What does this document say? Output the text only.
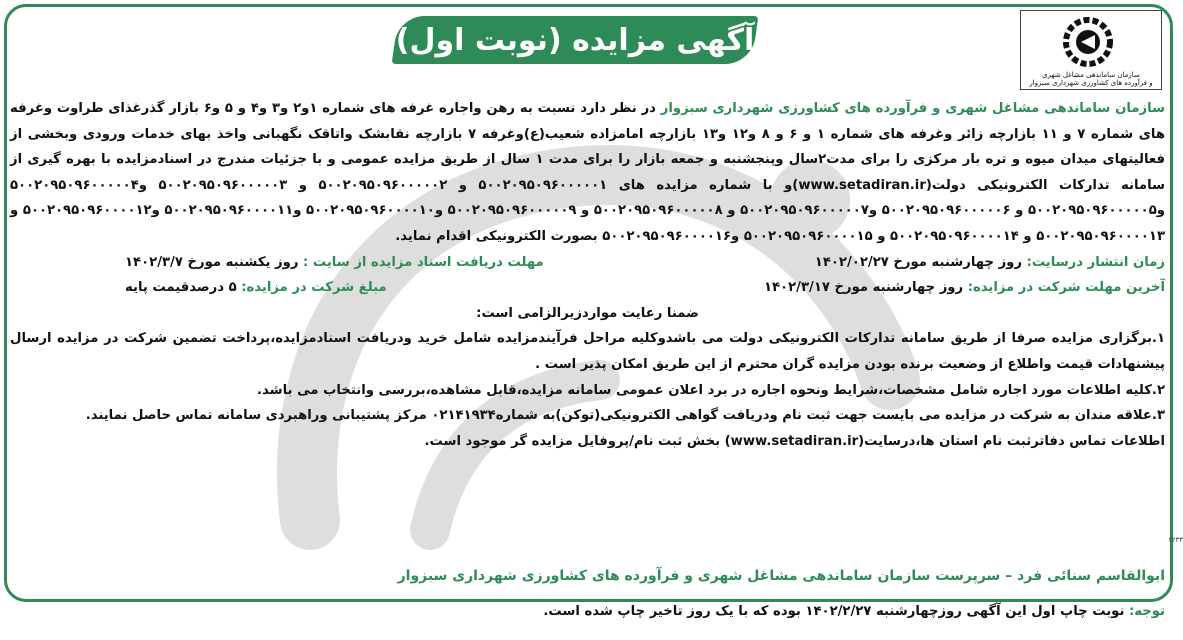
آگهی مزایده (نوبت اول)
سازمان ساماندهی مشاغل شهری
و فرآورده های کشاورزی شهرداری سبزوار

سازمان ساماندهی مشاغل شهری و فرآورده های کشاورزی شهرداری سبزوار در نظر دارد نسبت به رهن واجاره غرفه های شماره ۱و۲ و۳ و۴ و ۵ و۶ بازار گذرغذای طراوت وغرفه های شماره ۷ و ۱۱ بازارچه زائر وغرفه های شماره ۱ و ۶ و ۸ و۱۲ و۱۳ بازارچه امامزاده شعیب(ع)وغرفه ۷ بازارچه نقابشک واتاقک نگهبانی واخذ بهای خدمات ورودی وبخشی از فعالیتهای میدان میوه و تره بار مرکزی را برای مدت۲سال وپنجشنبه و جمعه بازار را برای مدت ۱ سال از طریق مزایده عمومی و با جزئیات مندرج در اسنادمزایده با بهره گیری از سامانه تدارکات الکترونیکی دولت(www.setadiran.ir)و با شماره مزایده های ۵۰۰۲۰۹۵۰۹۶۰۰۰۰۰۱ و ۵۰۰۲۰۹۵۰۹۶۰۰۰۰۰۲ و ۵۰۰۲۰۹۵۰۹۶۰۰۰۰۰۳ و۵۰۰۲۰۹۵۰۹۶۰۰۰۰۰۴ و۵۰۰۲۰۹۵۰۹۶۰۰۰۰۰۵ و ۵۰۰۲۰۹۵۰۹۶۰۰۰۰۰۶ و۵۰۰۲۰۹۵۰۹۶۰۰۰۰۰۷ و ۵۰۰۲۰۹۵۰۹۶۰۰۰۰۰۸ و ۵۰۰۲۰۹۵۰۹۶۰۰۰۰۰۹ و۵۰۰۲۰۹۵۰۹۶۰۰۰۰۱۰ و۵۰۰۲۰۹۵۰۹۶۰۰۰۰۱۱ و۵۰۰۲۰۹۵۰۹۶۰۰۰۰۱۲ و ۵۰۰۲۰۹۵۰۹۶۰۰۰۰۱۳ و ۵۰۰۲۰۹۵۰۹۶۰۰۰۰۱۴ و ۵۰۰۲۰۹۵۰۹۶۰۰۰۰۱۵ و۵۰۰۲۰۹۵۰۹۶۰۰۰۰۱۶ بصورت الکترونیکی اقدام نماید.

زمان انتشار درسایت: روز چهارشنبه مورخ ۱۴۰۲/۰۲/۲۷
مهلت دریافت اسناد مزایده از سایت : روز یکشنبه مورخ ۱۴۰۲/۳/۷
آخرین مهلت شرکت در مزایده: روز چهارشنبه مورخ ۱۴۰۲/۳/۱۷
مبلغ شرکت در مزایده: ۵ درصدقیمت پایه

ضمنا رعایت مواردزیرالزامی است:

۱.برگزاری مزایده صرفا از طریق سامانه تدارکات الکترونیکی دولت می باشدوکلیه مراحل فرآیندمزایده شامل خرید ودریافت اسنادمزایده،پرداخت تضمین شرکت در مزایده ارسال پیشنهادات قیمت واطلاع از وضعیت برنده بودن مزایده گران محترم از این طریق امکان پذیر است .

۲.کلیه اطلاعات مورد اجاره شامل مشخصات،شرایط ونحوه اجاره در برد اعلان عمومی سامانه مزایده،قابل مشاهده،بررسی وانتخاب می باشد.

۳.علاقه مندان به شرکت در مزایده می بایست جهت ثبت نام ودریافت گواهی الکترونیکی(توکن)به شماره۰۲۱۴۱۹۳۴ مرکز پشتیبانی وراهبردی سامانه تماس حاصل نمایند.

اطلاعات تماس دفاترثبت نام استان ها،درسایت(www.setadiran.ir) بخش ثبت نام/پروفایل مزایده گر موجود است.

ابوالقاسم سنائی فرد – سرپرست سازمان ساماندهی مشاغل شهری و فرآورده های کشاورزی شهرداری سبزوار
توجه: نوبت چاپ اول این آگهی روزچهارشنبه ۱۴۰۲/۲/۲۷ بوده که با یک روز تاخیر چاپ شده است.
۱۲۳۴
